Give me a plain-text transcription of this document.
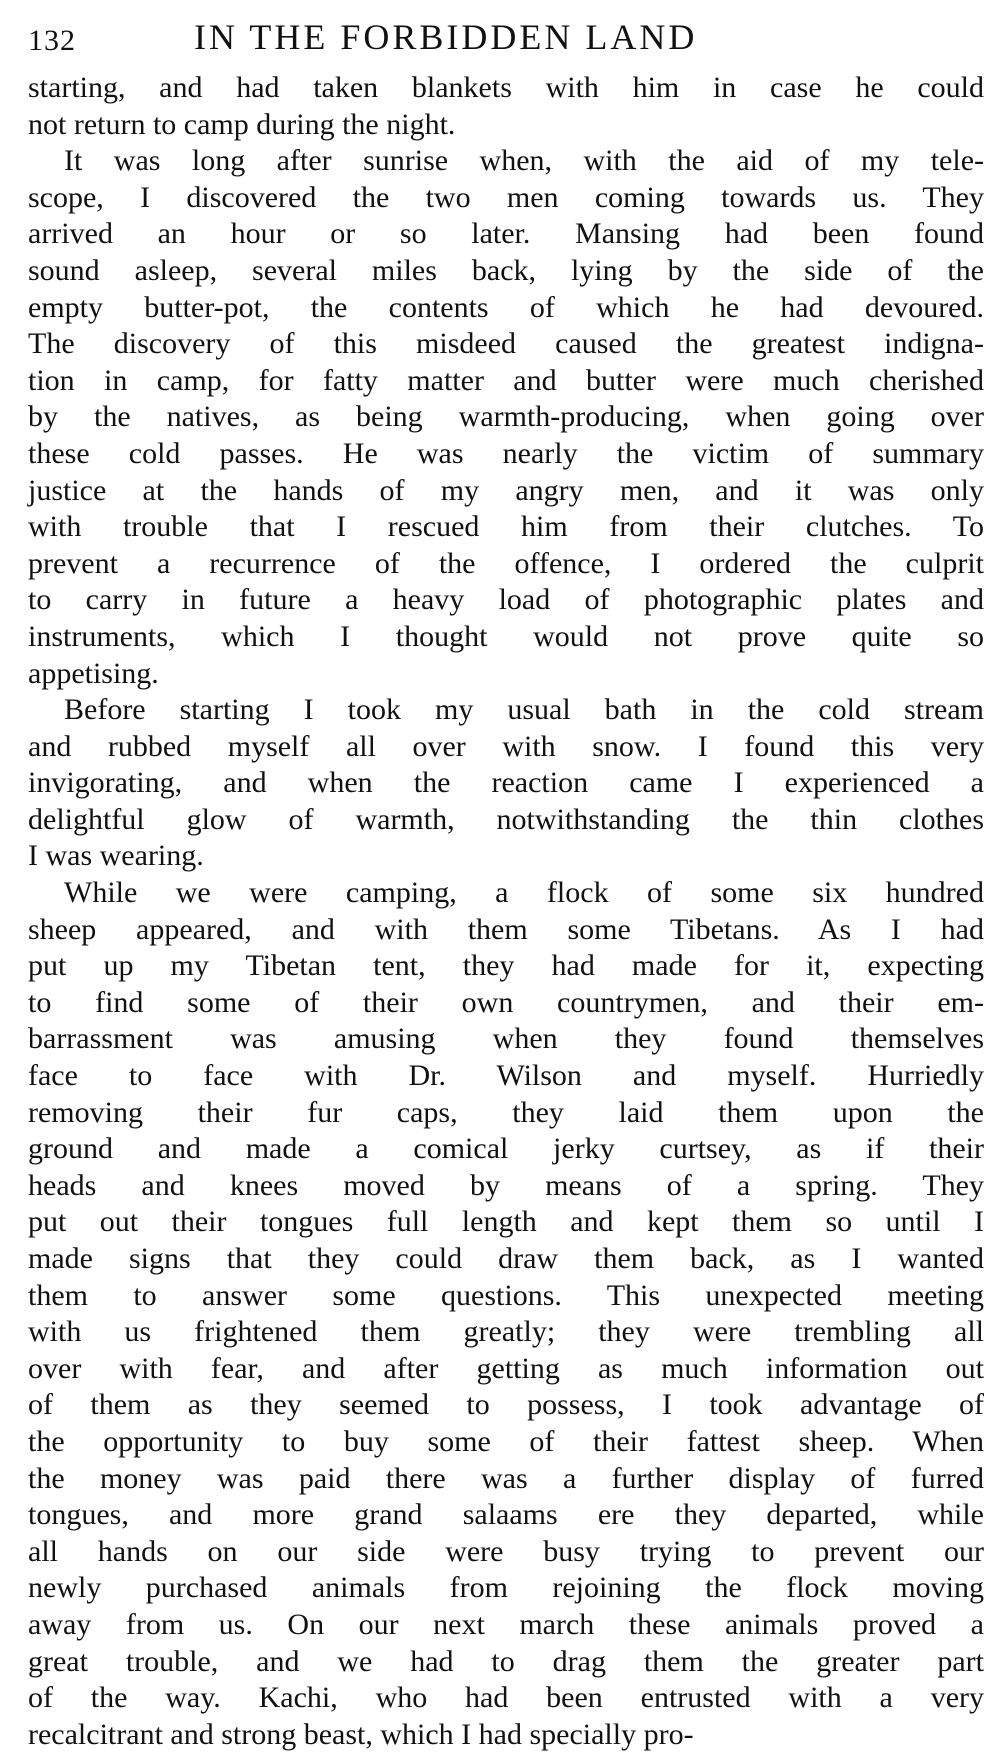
132	IN THE FORBIDDEN LAND
starting, and had taken blankets with him in case he could
not return to camp during the night.
It was long after sunrise when, with the aid of my tele-
scope, I discovered the two men coming towards us. They
arrived an hour or so later. Mansing had been found
sound asleep, several miles back, lying by the side of the
empty butter-pot, the contents of which he had devoured.
The discovery of this misdeed caused the greatest indigna-
tion in camp, for fatty matter and butter were much cherished
by the natives, as being warmth-producing, when going over
these cold passes. He was nearly the victim of summary
justice at the hands of my angry men, and it was only
with trouble that I rescued him from their clutches. To
prevent a recurrence of the offence, I ordered the culprit
to carry in future a heavy load of photographic plates and
instruments, which I thought would not prove quite so
appetising.
Before starting I took my usual bath in the cold stream
and rubbed myself all over with snow. I found this very
invigorating, and when the reaction came I experienced a
delightful glow of warmth, notwithstanding the thin clothes
I was wearing.
While we were camping, a flock of some six hundred
sheep appeared, and with them some Tibetans. As I had
put up my Tibetan tent, they had made for it, expecting
to find some of their own countrymen, and their em-
barrassment was amusing when they found themselves
face to face with Dr. Wilson and myself. Hurriedly
removing their fur caps, they laid them upon the
ground and made a comical jerky curtsey, as if their
heads and knees moved by means of a spring. They
put out their tongues full length and kept them so until I
made signs that they could draw them back, as I wanted
them to answer some questions. This unexpected meeting
with us frightened them greatly; they were trembling all
over with fear, and after getting as much information out
of them as they seemed to possess, I took advantage of
the opportunity to buy some of their fattest sheep. When
the money was paid there was a further display of furred
tongues, and more grand salaams ere they departed, while
all hands on our side were busy trying to prevent our
newly purchased animals from rejoining the flock moving
away from us. On our next march these animals proved a
great trouble, and we had to drag them the greater part
of the way. Kachi, who had been entrusted with a very
recalcitrant and strong beast, which I had specially pro-
